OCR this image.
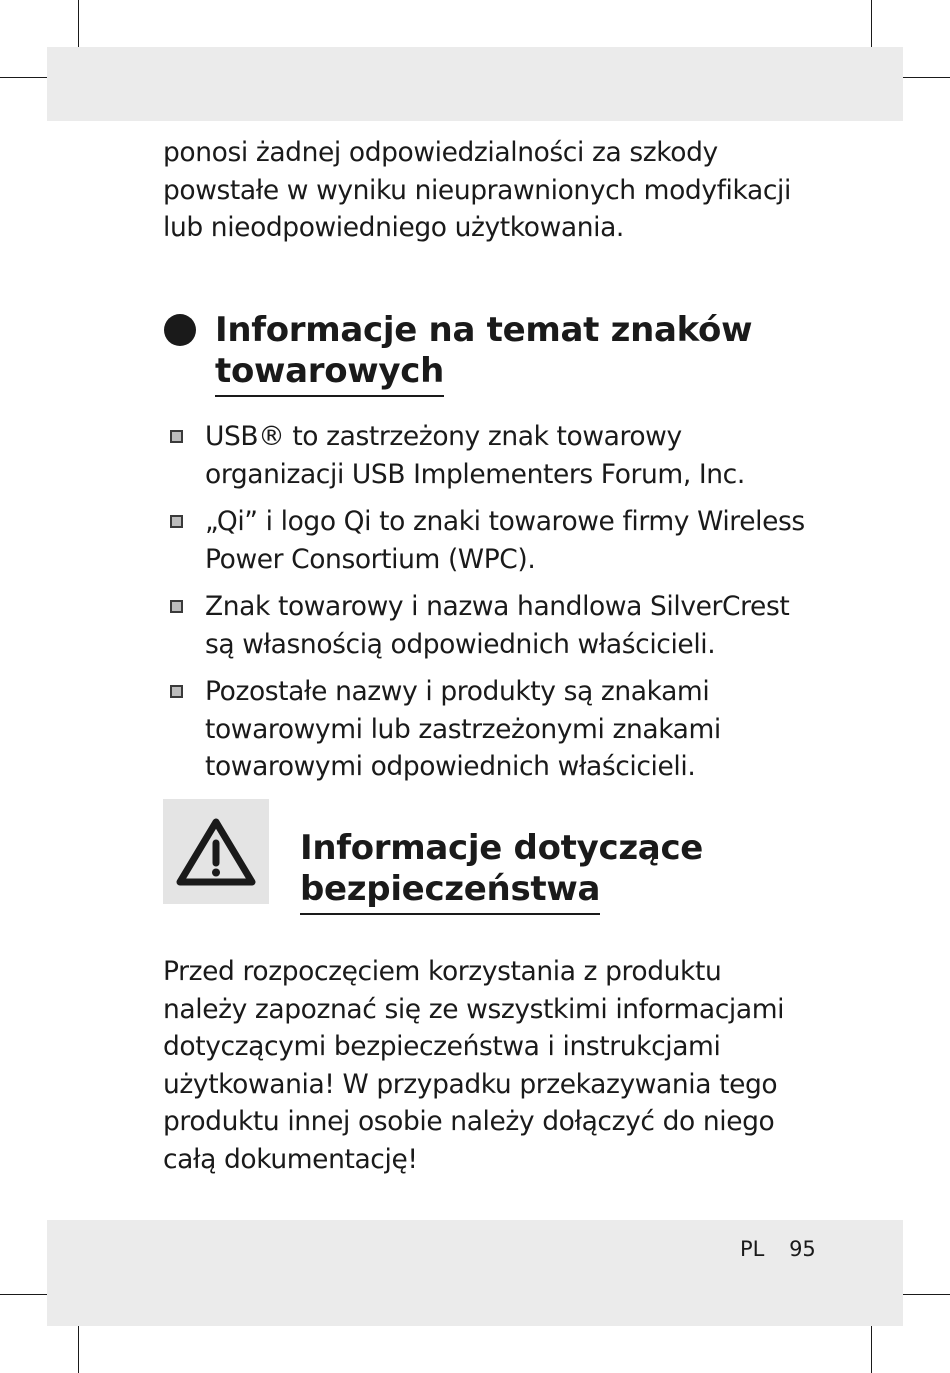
ponosi żadnej odpowiedzialności za szkody
powstałe w wyniku nieuprawnionych modyfikacji
lub nieodpowiedniego użytkowania.

Informacje na temat znaków
towarowych
USB® to zastrzeżony znak towarowy
organizacji USB Implementers Forum, Inc.
„Qi” i logo Qi to znaki towarowe firmy Wireless
Power Consortium (WPC).
Znak towarowy i nazwa handlowa SilverCrest
są własnością odpowiednich właścicieli.
Pozostałe nazwy i produkty są znakami
towarowymi lub zastrzeżonymi znakami
towarowymi odpowiednich właścicieli.
Informacje dotyczące
bezpieczeństwa

Przed rozpoczęciem korzystania z produktu
należy zapoznać się ze wszystkimi informacjami
dotyczącymi bezpieczeństwa i instrukcjami
użytkowania! W przypadku przekazywania tego
produktu innej osobie należy dołączyć do niego
całą dokumentację!

PL 95
